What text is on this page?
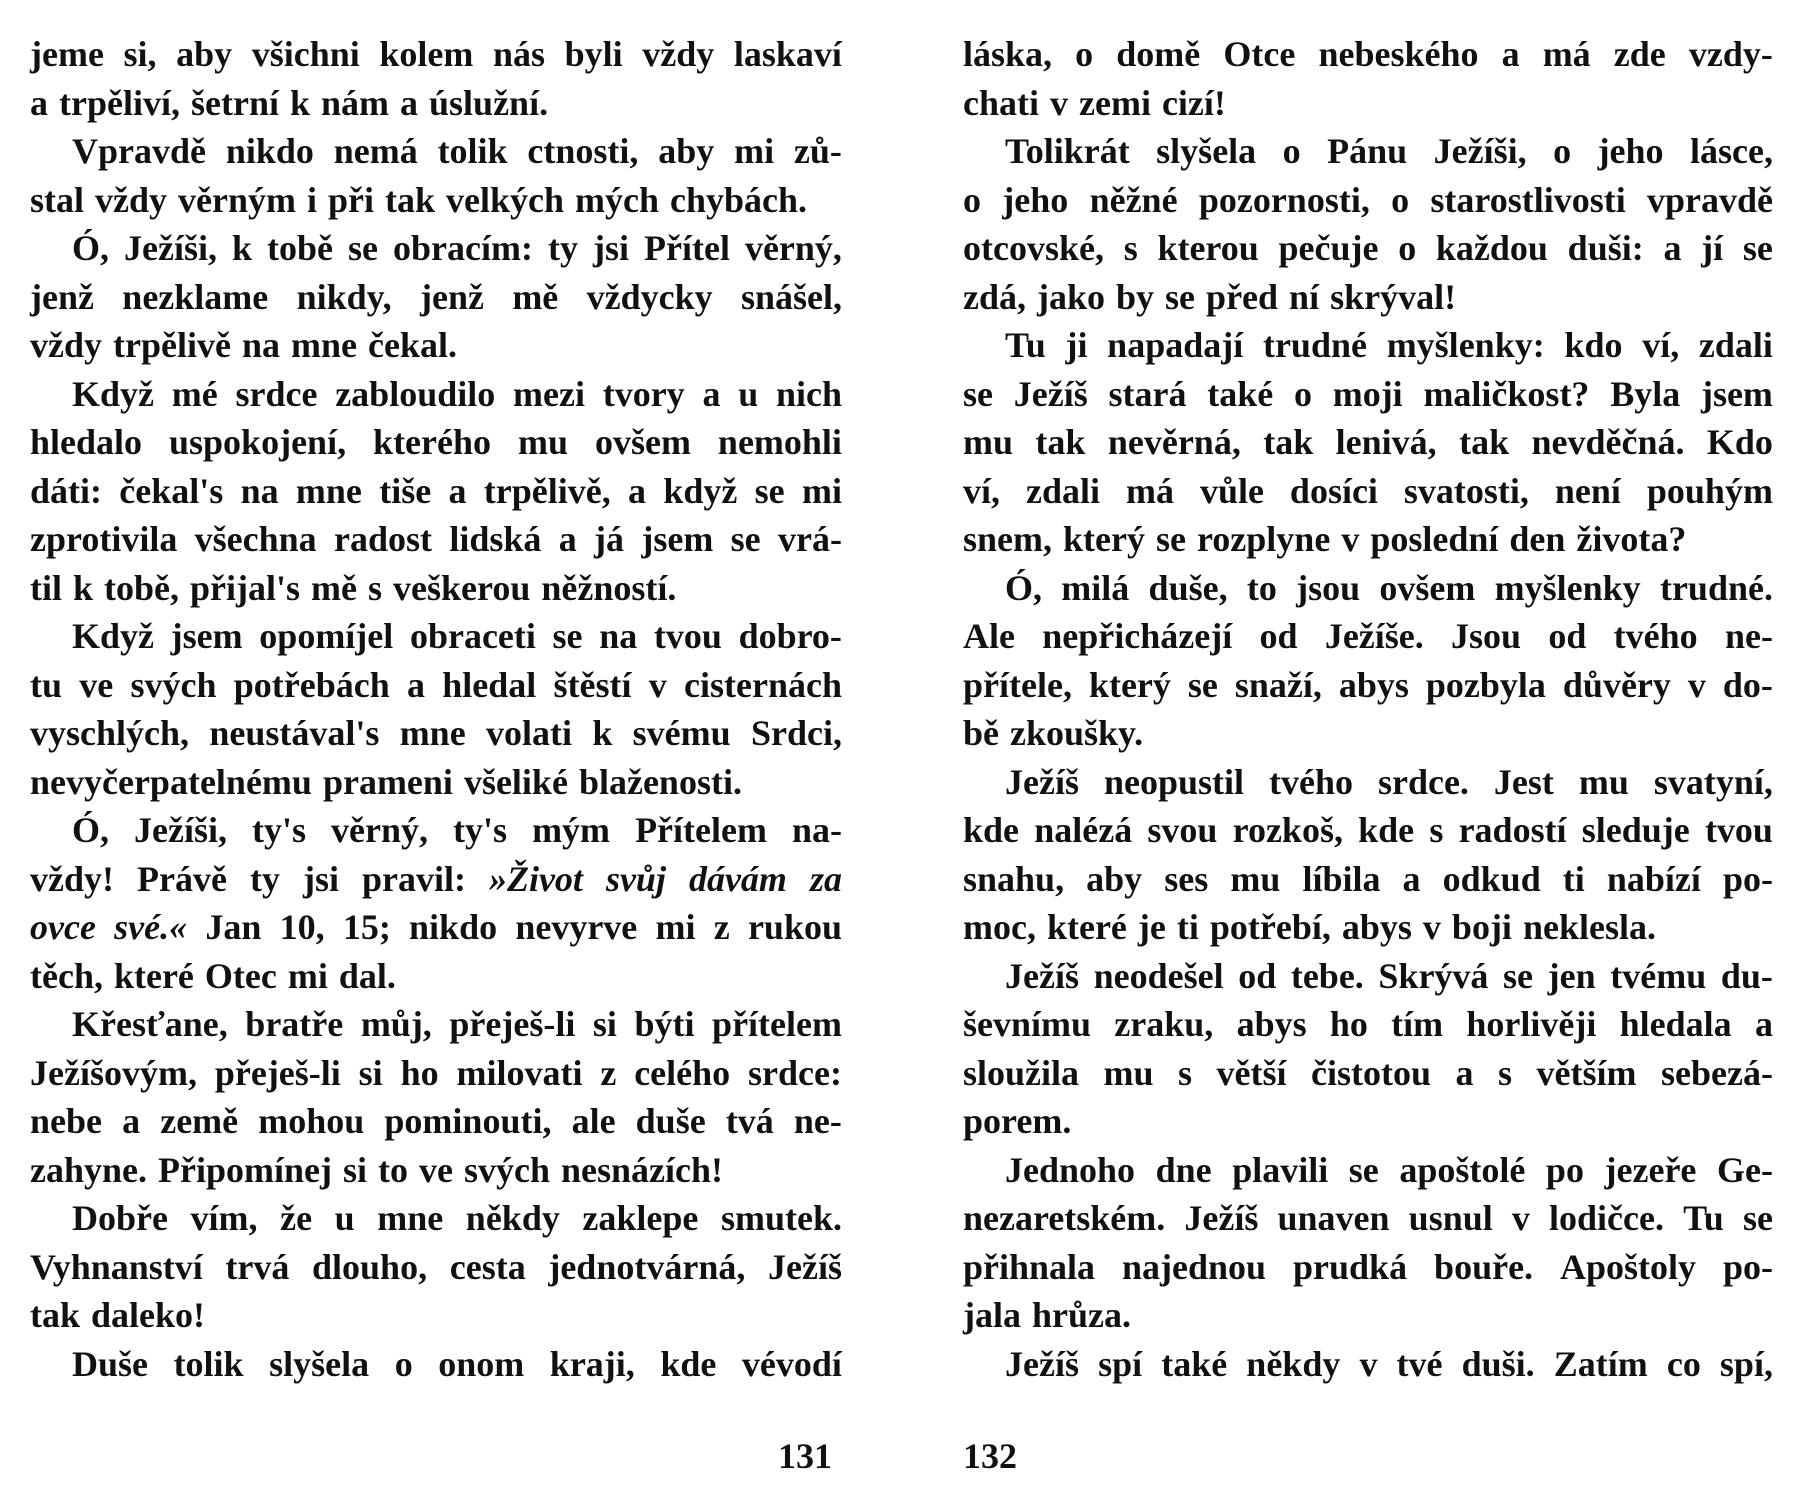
jeme si, aby všichni kolem nás byli vždy laskaví
a trpěliví, šetrní k nám a úslužní.
Vpravdě nikdo nemá tolik ctnosti, aby mi zů-
stal vždy věrným i při tak velkých mých chybách.
Ó, Ježíši, k tobě se obracím: ty jsi Přítel věrný,
jenž nezklame nikdy, jenž mě vždycky snášel,
vždy trpělivě na mne čekal.
Když mé srdce zabloudilo mezi tvory a u nich
hledalo uspokojení, kterého mu ovšem nemohli
dáti: čekal's na mne tiše a trpělivě, a když se mi
zprotivila všechna radost lidská a já jsem se vrá-
til k tobě, přijal's mě s veškerou něžností.
Když jsem opomíjel obraceti se na tvou dobro-
tu ve svých potřebách a hledal štěstí v cisternách
vyschlých, neustával's mne volati k svému Srdci,
nevyčerpatelnému prameni všeliké blaženosti.
Ó, Ježíši, ty's věrný, ty's mým Přítelem na-
vždy! Právě ty jsi pravil: »Život svůj dávám za
ovce své.« Jan 10, 15; nikdo nevyrve mi z rukou
těch, které Otec mi dal.
Křesťane, bratře můj, přeješ-li si býti přítelem
Ježíšovým, přeješ-li si ho milovati z celého srdce:
nebe a země mohou pominouti, ale duše tvá ne-
zahyne. Připomínej si to ve svých nesnázích!
Dobře vím, že u mne někdy zaklepe smutek.
Vyhnanství trvá dlouho, cesta jednotvárná, Ježíš
tak daleko!
Duše tolik slyšela o onom kraji, kde vévodí
láska, o domě Otce nebeského a má zde vzdy-
chati v zemi cizí!
Tolikrát slyšela o Pánu Ježíši, o jeho lásce,
o jeho něžné pozornosti, o starostlivosti vpravdě
otcovské, s kterou pečuje o každou duši: a jí se
zdá, jako by se před ní skrýval!
Tu ji napadají trudné myšlenky: kdo ví, zdali
se Ježíš stará také o moji maličkost? Byla jsem
mu tak nevěrná, tak lenivá, tak nevděčná. Kdo
ví, zdali má vůle dosíci svatosti, není pouhým
snem, který se rozplyne v poslední den života?
Ó, milá duše, to jsou ovšem myšlenky trudné.
Ale nepřicházejí od Ježíše. Jsou od tvého ne-
přítele, který se snaží, abys pozbyla důvěry v do-
bě zkoušky.
Ježíš neopustil tvého srdce. Jest mu svatyní,
kde nalézá svou rozkoš, kde s radostí sleduje tvou
snahu, aby ses mu líbila a odkud ti nabízí po-
moc, které je ti potřebí, abys v boji neklesla.
Ježíš neodešel od tebe. Skrývá se jen tvému du-
ševnímu zraku, abys ho tím horlivěji hledala a
sloužila mu s větší čistotou a s větším sebezá-
porem.
Jednoho dne plavili se apoštolé po jezeře Ge-
nezaretském. Ježíš unaven usnul v lodičce. Tu se
přihnala najednou prudká bouře. Apoštoly po-
jala hrůza.
Ježíš spí také někdy v tvé duši. Zatím co spí,
131	132
